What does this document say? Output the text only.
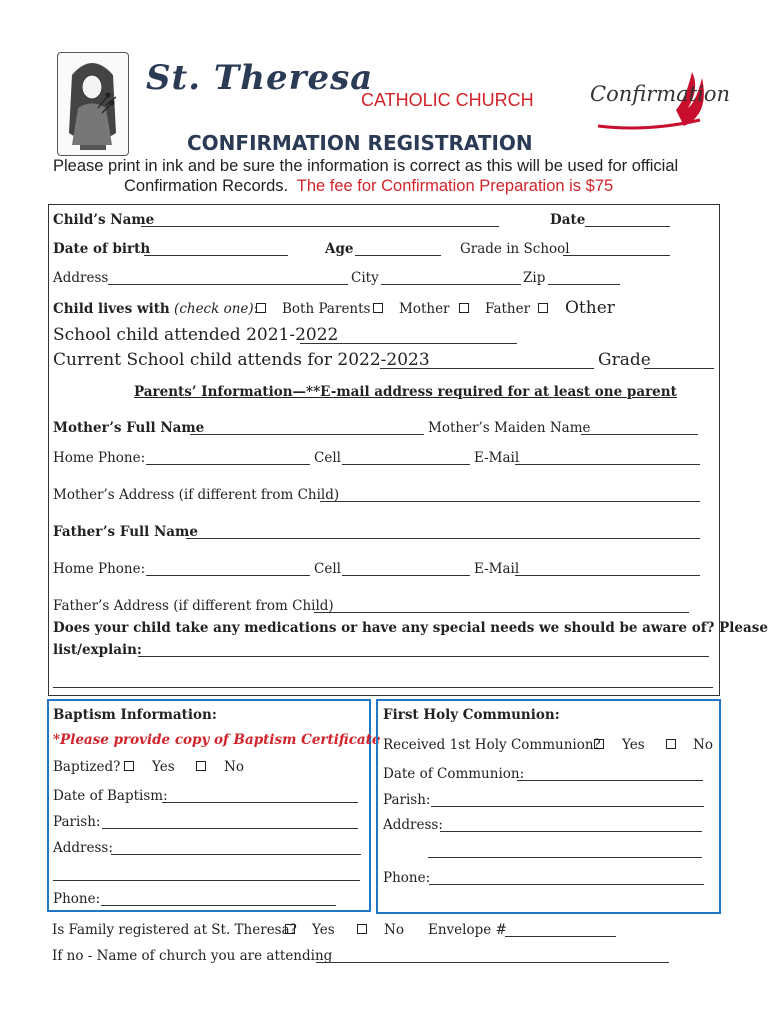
St. Theresa
CATHOLIC CHURCH	Confirmation
CONFIRMATION REGISTRATION
Please print in ink and be sure the information is correct as this will be used for official
Confirmation Records. The fee for Confirmation Preparation is $75
Child’s Name	Date
Date of birth	Age	Grade in School
Address	City	Zip
Child lives with (check one): Both Parents Mother	Father Other
School child attended 2021-2022
Current School child attends for 2022-2023	Grade
Parents’ Information—**E-mail address required for at least one parent
Mother’s Full Name	Mother’s Maiden Name
Home Phone:	Cell	E-Mail
Mother’s Address (if different from Child)
Father’s Full Name
Home Phone:	Cell	E-Mail
Father’s Address (if different from Child)
Does your child take any medications or have any special needs we should be aware of? Please
list/explain:
Baptism Information:
*Please provide copy of Baptism Certificate
Baptized? Yes	No
Date of Baptism:
Parish:
Address:
Phone:
First Holy Communion:
Received 1st Holy Communion? Yes	No
Date of Communion:
Parish:
Address:
Phone:
Is Family registered at St. Theresa? Yes	No Envelope #
If no - Name of church you are attending
